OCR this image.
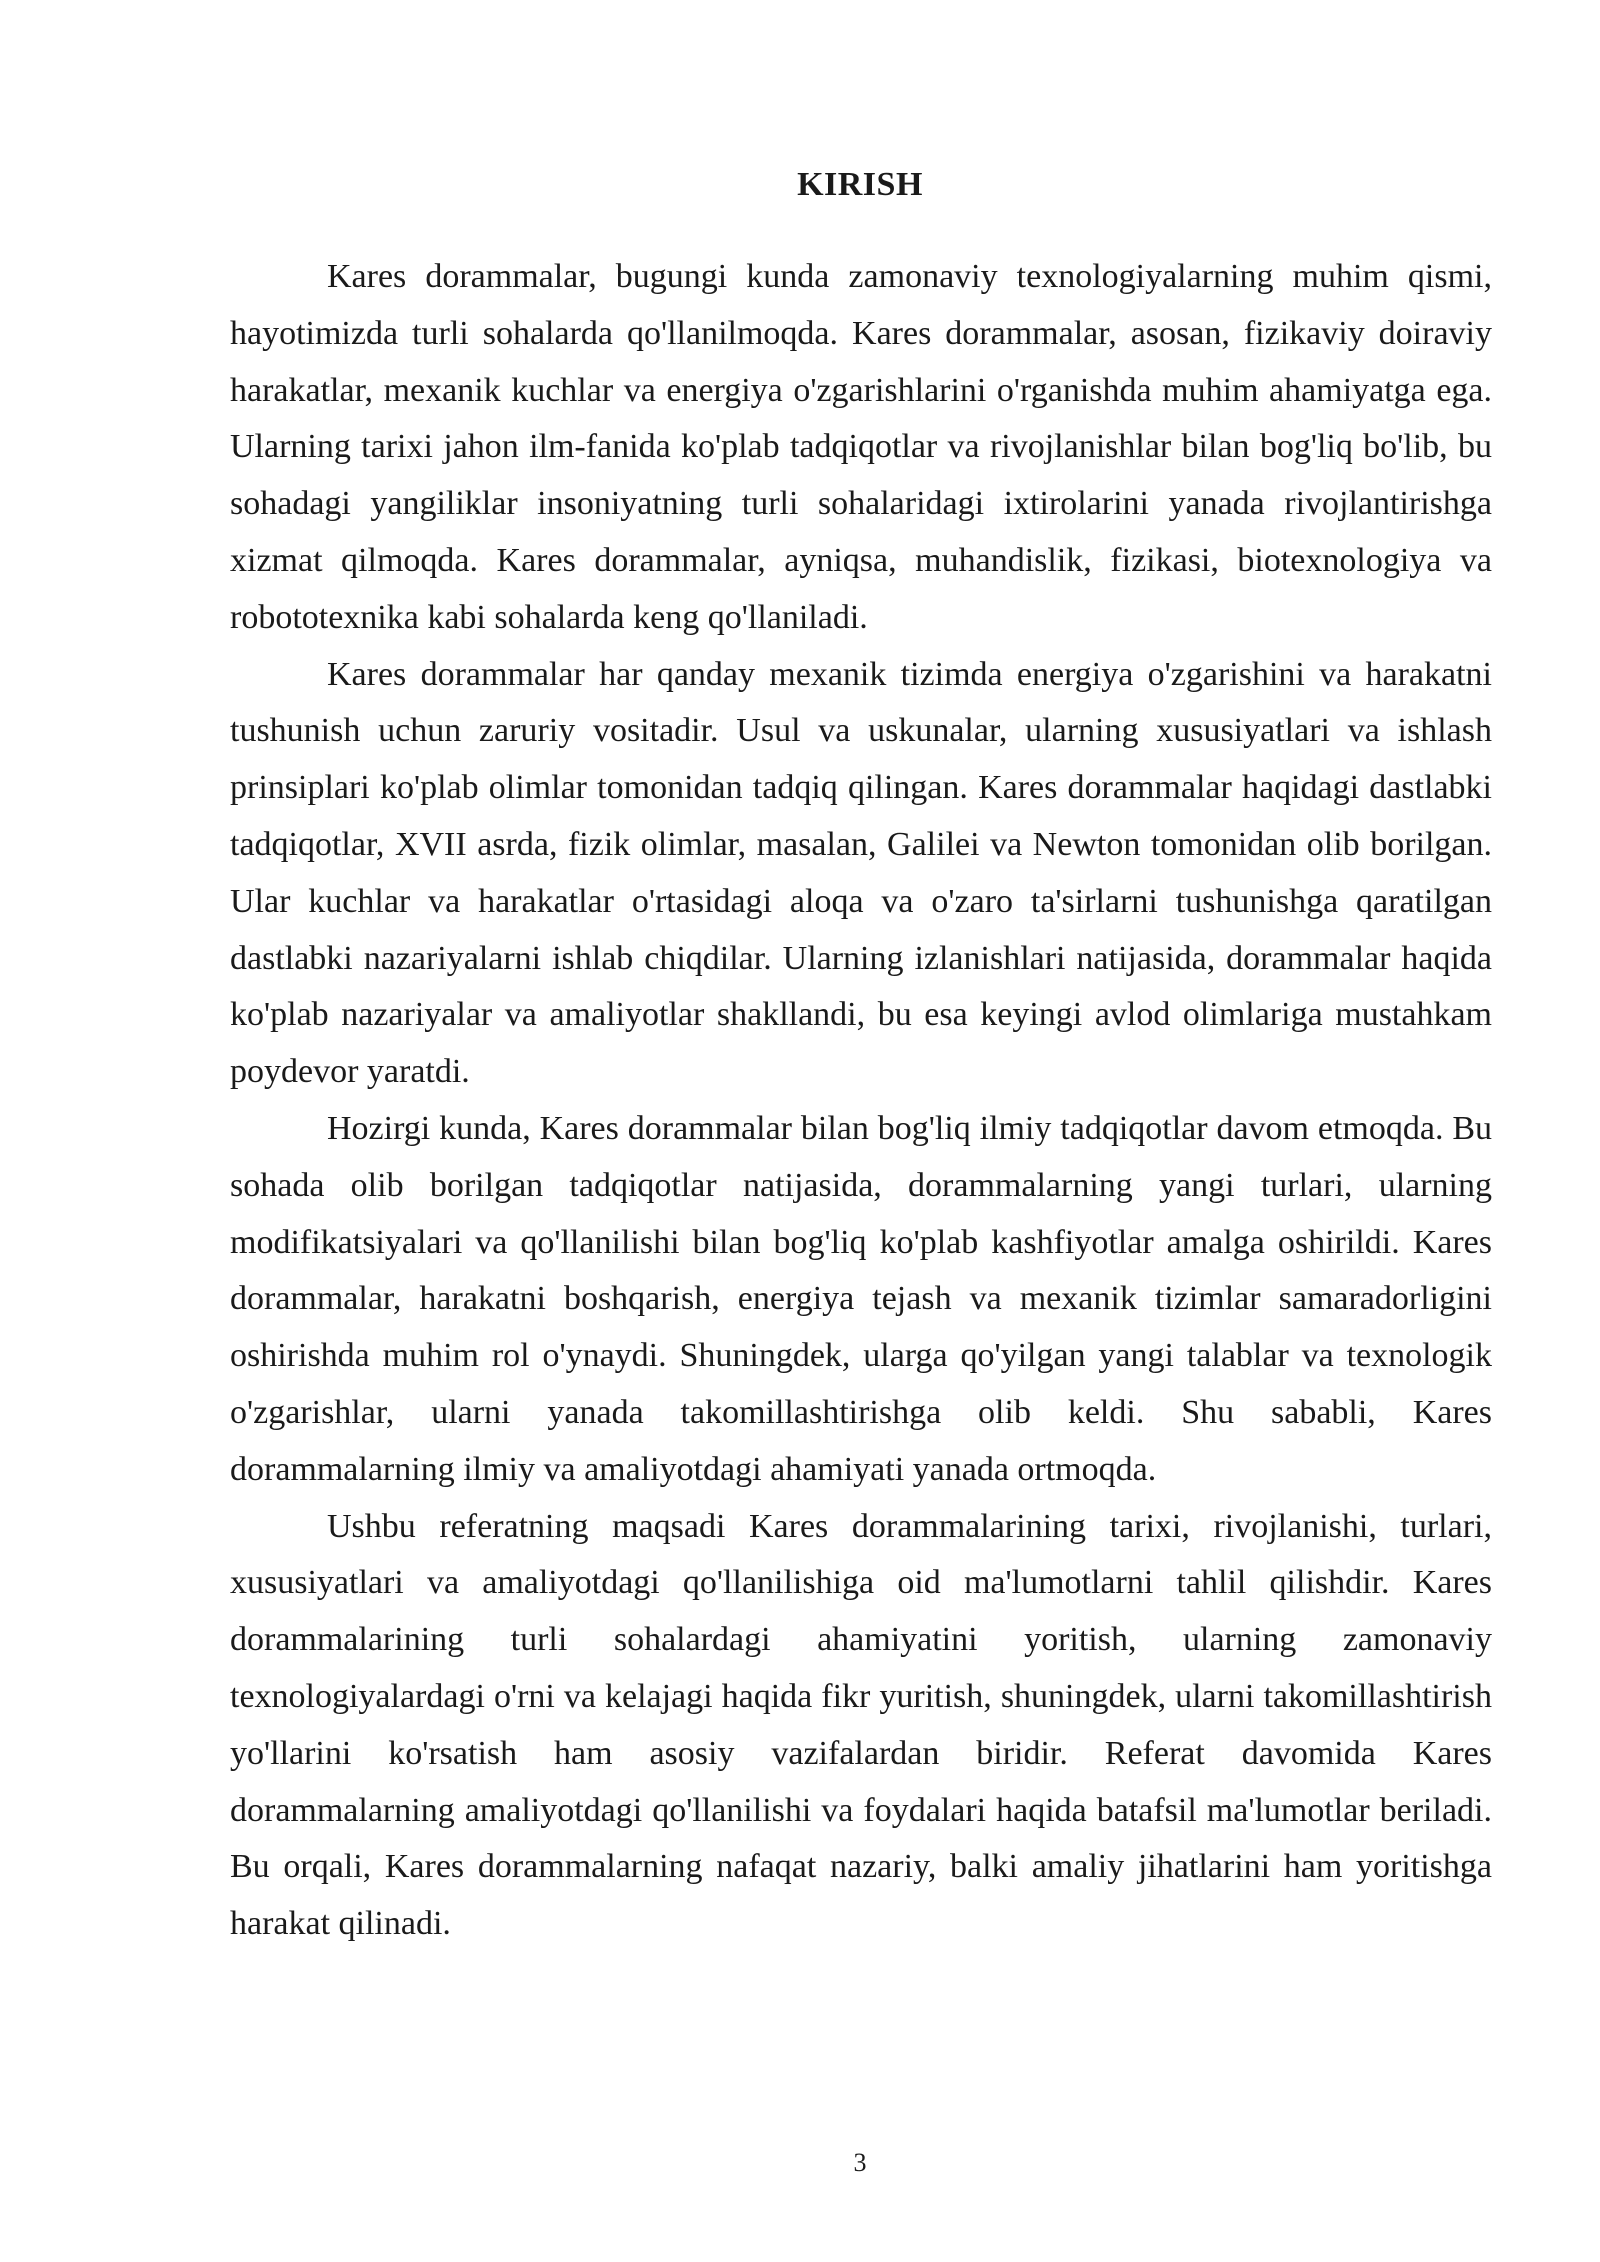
KIRISH

Kares dorammalar, bugungi kunda zamonaviy texnologiyalarning muhim qismi, hayotimizda turli sohalarda qo'llanilmoqda. Kares dorammalar, asosan, fizikaviy doiraviy harakatlar, mexanik kuchlar va energiya o'zgarishlarini o'rganishda muhim ahamiyatga ega. Ularning tarixi jahon ilm-fanida ko'plab tadqiqotlar va rivojlanishlar bilan bog'liq bo'lib, bu sohadagi yangiliklar insoniyatning turli sohalaridagi ixtirolarini yanada rivojlantirishga xizmat qilmoqda. Kares dorammalar, ayniqsa, muhandislik, fizikasi, biotexnologiya va robototexnika kabi sohalarda keng qo'llaniladi.

Kares dorammalar har qanday mexanik tizimda energiya o'zgarishini va harakatni tushunish uchun zaruriy vositadir. Usul va uskunalar, ularning xususiyatlari va ishlash prinsiplari ko'plab olimlar tomonidan tadqiq qilingan. Kares dorammalar haqidagi dastlabki tadqiqotlar, XVII asrda, fizik olimlar, masalan, Galilei va Newton tomonidan olib borilgan. Ular kuchlar va harakatlar o'rtasidagi aloqa va o'zaro ta'sirlarni tushunishga qaratilgan dastlabki nazariyalarni ishlab chiqdilar. Ularning izlanishlari natijasida, dorammalar haqida ko'plab nazariyalar va amaliyotlar shakllandi, bu esa keyingi avlod olimlariga mustahkam poydevor yaratdi.

Hozirgi kunda, Kares dorammalar bilan bog'liq ilmiy tadqiqotlar davom etmoqda. Bu sohada olib borilgan tadqiqotlar natijasida, dorammalarning yangi turlari, ularning modifikatsiyalari va qo'llanilishi bilan bog'liq ko'plab kashfiyotlar amalga oshirildi. Kares dorammalar, harakatni boshqarish, energiya tejash va mexanik tizimlar samaradorligini oshirishda muhim rol o'ynaydi. Shuningdek, ularga qo'yilgan yangi talablar va texnologik o'zgarishlar, ularni yanada takomillashtirishga olib keldi. Shu sababli, Kares dorammalarning ilmiy va amaliyotdagi ahamiyati yanada ortmoqda.

Ushbu referatning maqsadi Kares dorammalarining tarixi, rivojlanishi, turlari, xususiyatlari va amaliyotdagi qo'llanilishiga oid ma'lumotlarni tahlil qilishdir. Kares dorammalarining turli sohalardagi ahamiyatini yoritish, ularning zamonaviy texnologiyalardagi o'rni va kelajagi haqida fikr yuritish, shuningdek, ularni takomillashtirish yo'llarini ko'rsatish ham asosiy vazifalardan biridir. Referat davomida Kares dorammalarning amaliyotdagi qo'llanilishi va foydalari haqida batafsil ma'lumotlar beriladi. Bu orqali, Kares dorammalarning nafaqat nazariy, balki amaliy jihatlarini ham yoritishga harakat qilinadi.

3
